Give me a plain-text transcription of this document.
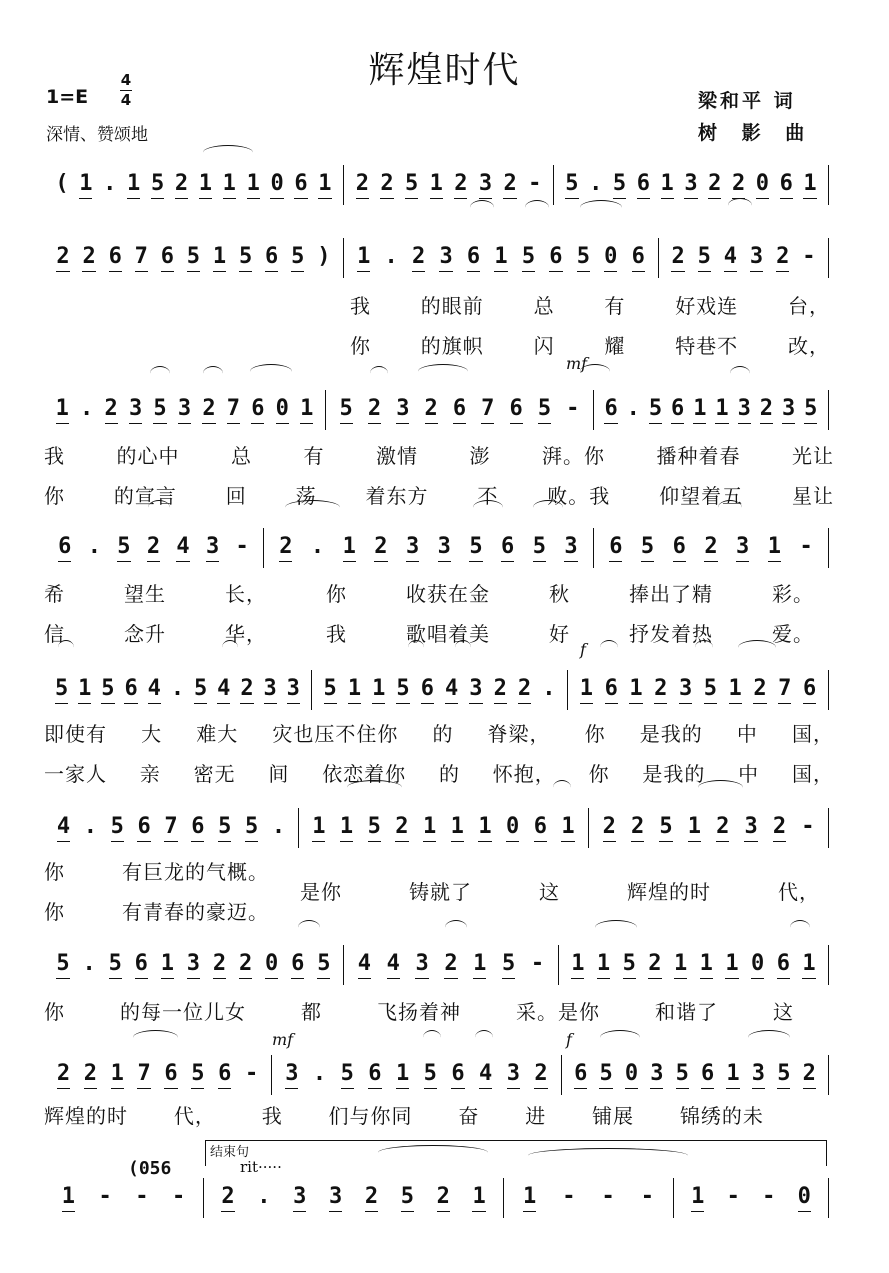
辉煌时代
1=E
4
4
深情、赞颂地
梁和平 词
树 影 曲
( 1 . 1 5 2 1 1 1 0 6 1 2 2 5 1 2 3 2 - 5 . 5 6 1 3 2 2 0 6 1
2 2 6 7 6 5 1 5 6 5 ) 1 . 2 3 6 1 5 6 5 0 6 2 5 4 3 2 -
1 . 2 3 5 3 2 7 6 0 1 5 2 3 2 6 7 6 5 - 6 . 5 6 1 1 3 2 3 5
6 . 5 2 4 3 - 2 . 1 2 3 3 5 6 5 3 6 5 6 2 3 1 -
5 1 5 6 4 . 5 4 2 3 3 5 1 1 5 6 4 3 2 2 . 1 6 1 2 3 5 1 2 7 6
4 . 5 6 7 6 5 5 . 1 1 5 2 1 1 1 0 6 1 2 2 5 1 2 3 2 -
5 . 5 6 1 3 2 2 0 6 5 4 4 3 2 1 5 - 1 1 5 2 1 1 1 0 6 1
2 2 1 7 6 5 6 - 3 . 5 6 1 5 6 4 3 2 6 5 0 3 5 6 1 3 5 2
1 - - - 2 . 3 3 2 5 2 1 1 - - - 1 - - 0
我 的眼前 总 有 好戏连 台，
你 的旗帜 闪 耀 特巷不 改，
我	的心中	总	有	激情	澎	湃。你	播种着春	光让
你 的宣言 回 荡 着东方 不 败。我 仰望着五 星让
希	望生	长，	你	收获在金	秋	捧出了精	彩。
信	念升	华，	我	歌唱着美	好	抒发着热	爱。
即使有 大 难大 灾也压不住你 的 脊梁， 你 是我的 中 国，
一家人 亲 密无 间 依恋着你 的 怀抱， 你 是我的 中 国，
你	有巨龙的气概。
你	有青春的豪迈。
是你	铸就了	这	辉煌的时	代，
你	的每一位儿女	都	飞扬着神	采。是你	和谐了	这
辉煌的时 代， 我 们与你同 奋 进 铺展 锦绣的未
mf
f
mf	f
结束句
rit·····
(056
